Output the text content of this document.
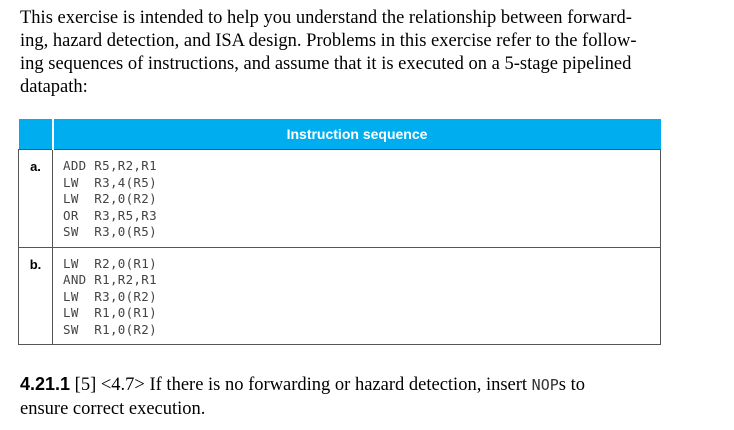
This exercise is intended to help you understand the relationship between forward-
ing, hazard detection, and ISA design. Problems in this exercise refer to the follow-
ing sequences of instructions, and assume that it is executed on a 5-stage pipelined
datapath:
	Instruction sequence
a.	ADD R5,R2,R1
LW  R3,4(R5)
LW  R2,0(R2)
OR  R3,R5,R3
SW  R3,0(R5)

b.	LW  R2,0(R1)
AND R1,R2,R1
LW  R3,0(R2)
LW  R1,0(R1)
SW  R1,0(R2)
4.21.1 [5] <4.7> If there is no forwarding or hazard detection, insert NOPs to
ensure correct execution.
